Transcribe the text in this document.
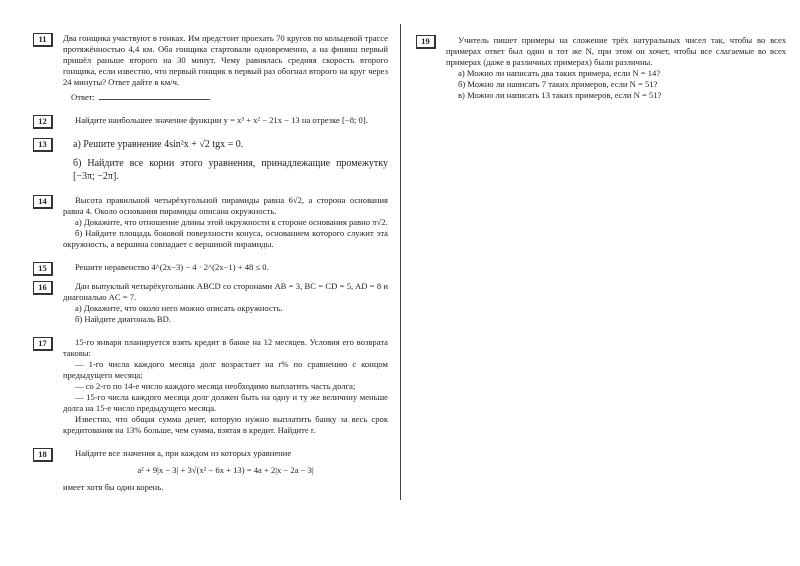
11	Два гонщика участвуют в гонках. Им предстоит проехать 70 кругов по кольцевой трассе протяжённостью 4,4 км. Оба гонщика стартовали одновременно, а на финиш первый пришёл раньше второго на 30 минут. Чему равнялась средняя скорость второго гонщика, если известно, что первый гонщик в первый раз обогнал второго на круг через 24 минуты? Ответ дайте в км/ч.

Ответ:	.

12	Найдите наибольшее значение функции y = x³ + x² − 21x − 13 на отрезке [−8; 0].

13	а) Решите уравнение 4sin²x + √2 tgx = 0.

б) Найдите все корни этого уравнения, принадлежащие промежутку [−3π; −2π].

14	Высота правильной четырёхугольной пирамиды равна 6√2, а сторона основания равна 4. Около основания пирамиды описана окружность.

а) Докажите, что отношение длины этой окружности к стороне основания равно π√2.

б) Найдите площадь боковой поверхности конуса, основанием которого служит эта окружность, а вершина совпадает с вершиной пирамиды.

15	Решите неравенство 4^(2x−3) − 4 · 2^(2x−1) + 48 ≤ 0.

16	Дан выпуклый четырёхугольник ABCD со сторонами AB = 3, BC = CD = 5, AD = 8 и диагональю AC = 7.

а) Докажите, что около него можно описать окружность.

б) Найдите диагональ BD.

17	15-го января планируется взять кредит в банке на 12 месяцев. Условия его возврата таковы:

— 1-го числа каждого месяца долг возрастает на r% по сравнению с концом предыдущего месяца;

— со 2-го по 14-е число каждого месяца необходимо выплатить часть долга;

— 15-го числа каждого месяца долг должен быть на одну и ту же величину меньше долга на 15-е число предыдущего месяца.

Известно, что общая сумма денег, которую нужно выплатить банку за весь срок кредитования на 13% больше, чем сумма, взятая в кредит. Найдите r.

18	Найдите все значения a, при каждом из которых уравнение

a² + 9|x − 3| + 3√(x² − 6x + 13) = 4a + 2|x − 2a − 3|

имеет хотя бы один корень.

19	Учитель пишет примеры на сложение трёх натуральных чисел так, чтобы во всех примерах ответ был один и тот же N, при этом он хочет, чтобы все слагаемые во всех примерах (даже в различных примерах) были различны.

а) Можно ли написать два таких примера, если N = 14?

б) Можно ли написать 7 таких примеров, если N = 51?

в) Можно ли написать 13 таких примеров, если N = 51?
